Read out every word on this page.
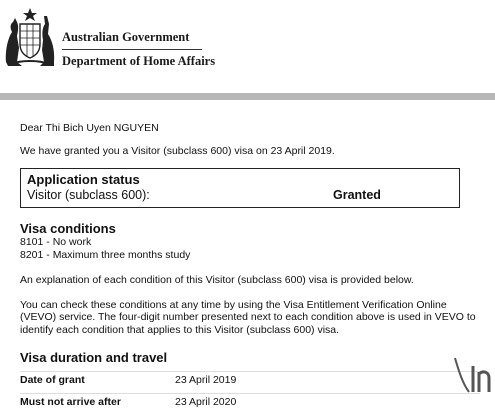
Australian Government
Department of Home Affairs

Dear Thi Bich Uyen NGUYEN

We have granted you a Visitor (subclass 600) visa on 23 April 2019.

Application status
Visitor (subclass 600):	Granted
Visa conditions
8101 - No work
8201 - Maximum three months study
An explanation of each condition of this Visitor (subclass 600) visa is provided below.
You can check these conditions at any time by using the Visa Entitlement Verification Online (VEVO) service. The four-digit number presented next to each condition above is used in VEVO to identify each condition that applies to this Visitor (subclass 600) visa.
Visa duration and travel
Date of grant	23 April 2019
Must not arrive after	23 April 2020
